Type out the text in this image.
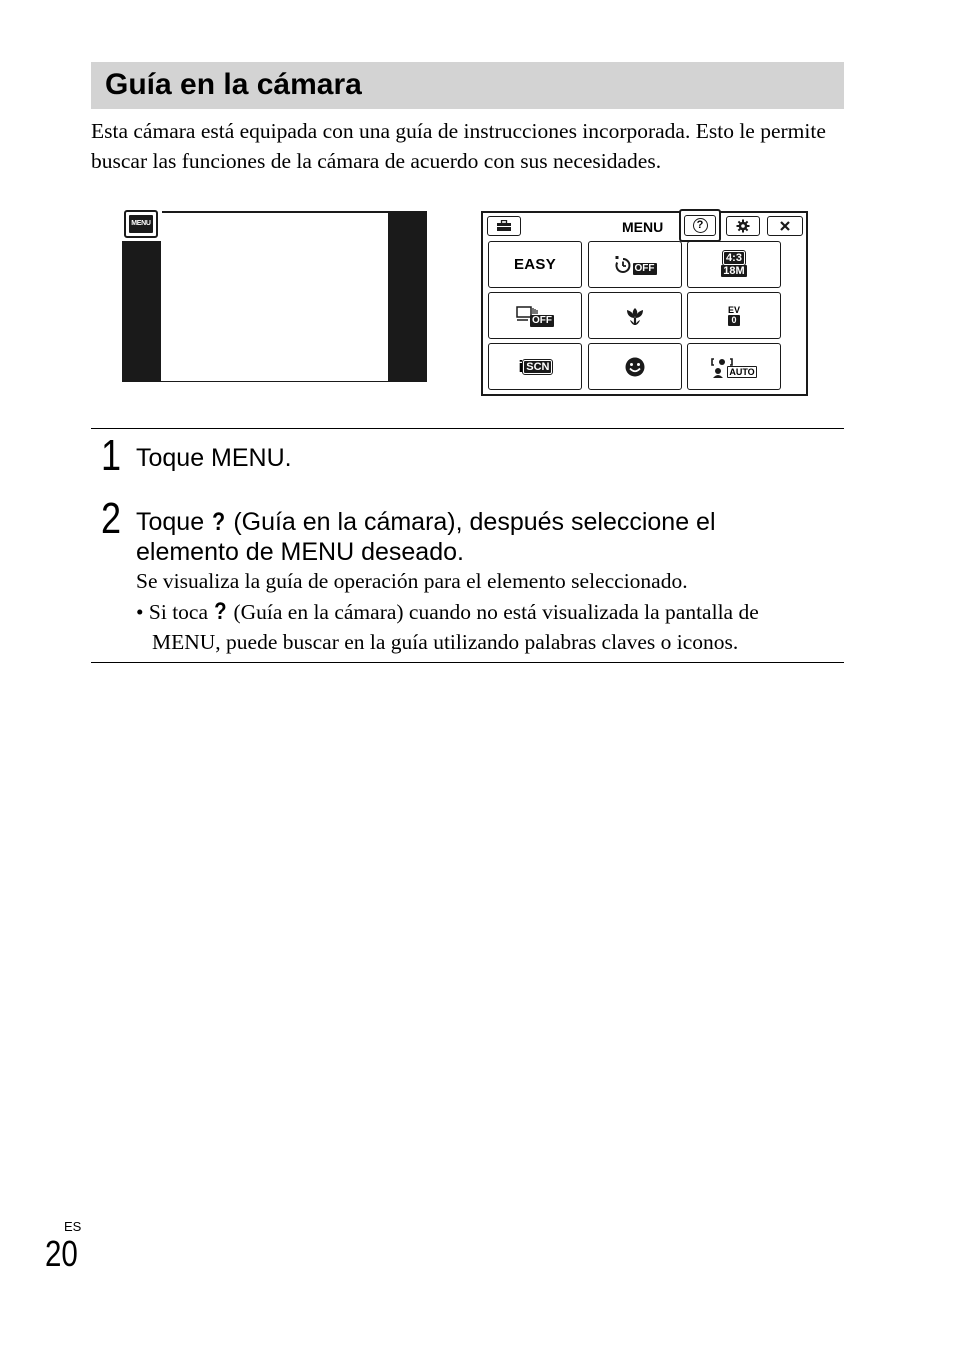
Guía en la cámara

Esta cámara está equipada con una guía de instrucciones incorporada. Esto le permite buscar las funciones de la cámara de acuerdo con sus necesidades.

MENU	MENU	?
EASY	OFF
4:3
18M
OFF
EV
0
i SCN	AUTO
1 Toque MENU.

2 Toque ? (Guía en la cámara), después seleccione el

elemento de MENU deseado.

Se visualiza la guía de operación para el elemento seleccionado.

• Si toca ? (Guía en la cámara) cuando no está visualizada la pantalla de

MENU, puede buscar en la guía utilizando palabras claves o iconos.

ES
20
